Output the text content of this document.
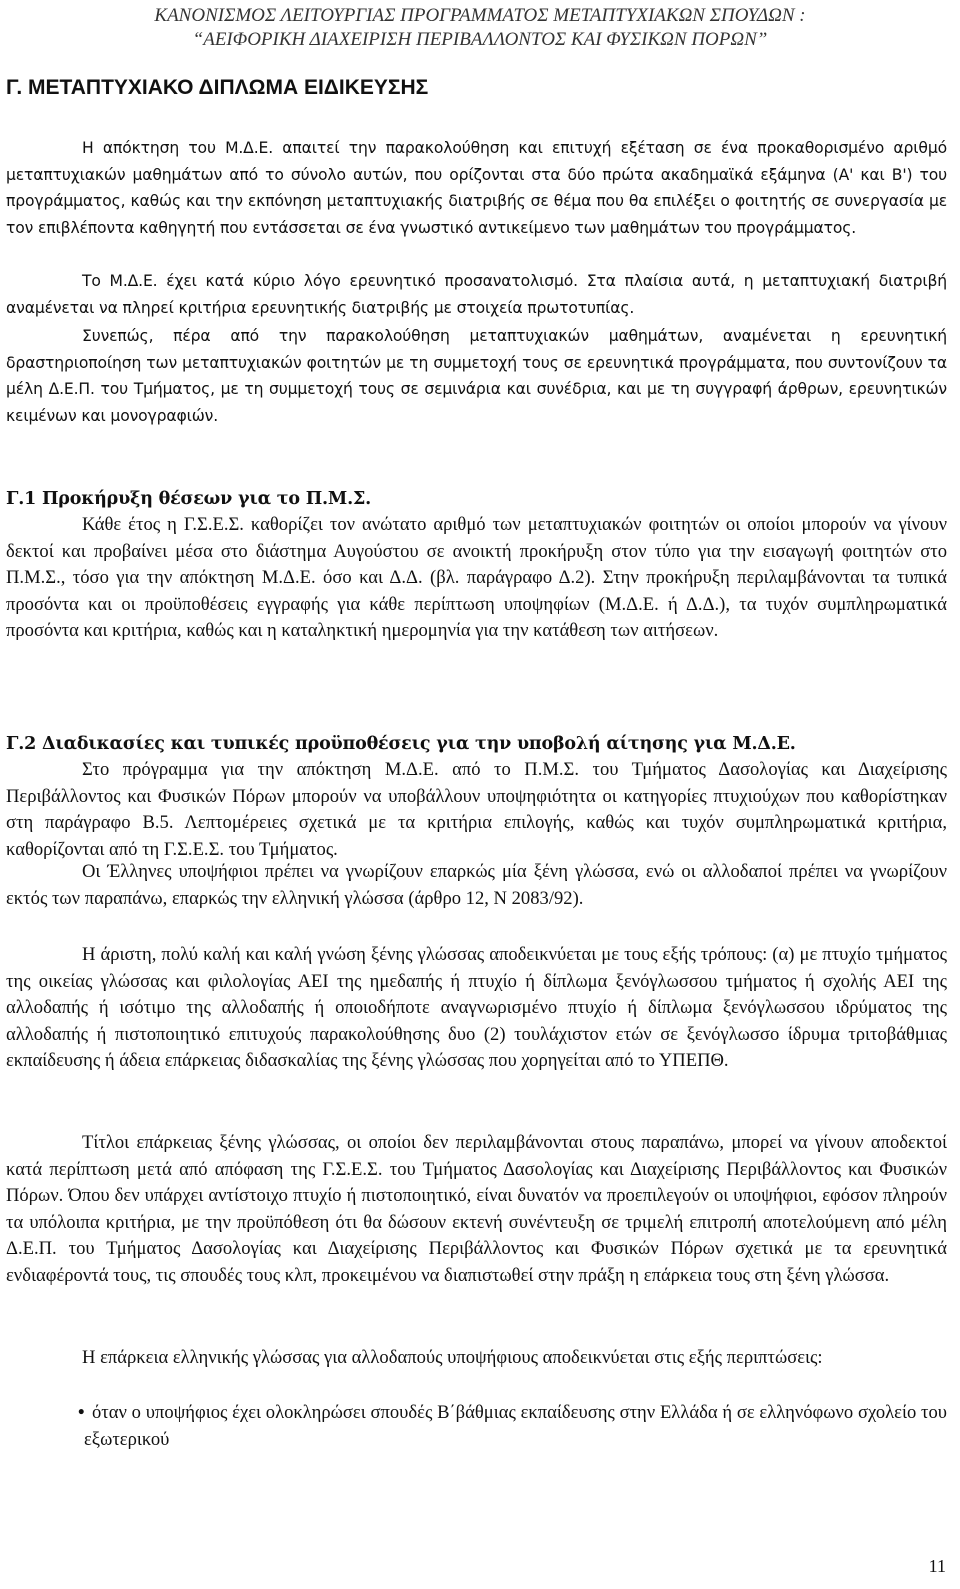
ΚΑΝΟΝΙΣΜΟΣ ΛΕΙΤΟΥΡΓΙΑΣ ΠΡΟΓΡΑΜΜΑΤΟΣ ΜΕΤΑΠΤΥΧΙΑΚΩΝ ΣΠΟΥΔΩΝ :
“ΑΕΙΦΟΡΙΚΗ ΔΙΑΧΕΙΡΙΣΗ ΠΕΡΙΒΑΛΛΟΝΤΟΣ ΚΑΙ ΦΥΣΙΚΩΝ ΠΟΡΩΝ”
Γ. ΜΕΤΑΠΤΥΧΙΑΚΟ ΔΙΠΛΩΜΑ ΕΙΔΙΚΕΥΣΗΣ

Η απόκτηση του Μ.Δ.Ε. απαιτεί την παρακολούθηση και επιτυχή εξέταση σε ένα προκαθορισμένο αριθμό μεταπτυχιακών μαθημάτων από το σύνολο αυτών, που ορίζονται στα δύο πρώτα ακαδημαϊκά εξάμηνα (Α' και Β') του προγράμματος, καθώς και την εκπόνηση μεταπτυχιακής διατριβής σε θέμα που θα επιλέξει ο φοιτητής σε συνεργασία με τον επιβλέποντα καθηγητή που εντάσσεται σε ένα γνωστικό αντικείμενο των μαθημάτων του προγράμματος.

Το Μ.Δ.Ε. έχει κατά κύριο λόγο ερευνητικό προσανατολισμό. Στα πλαίσια αυτά, η μεταπτυχιακή διατριβή αναμένεται να πληρεί κριτήρια ερευνητικής διατριβής με στοιχεία πρωτοτυπίας.

Συνεπώς, πέρα από την παρακολούθηση μεταπτυχιακών μαθημάτων, αναμένεται η ερευνητική δραστηριοποίηση των μεταπτυχιακών φοιτητών με τη συμμετοχή τους σε ερευνητικά προγράμματα, που συντονίζουν τα μέλη Δ.Ε.Π. του Τμήματος, με τη συμμετοχή τους σε σεμινάρια και συνέδρια, και με τη συγγραφή άρθρων, ερευνητικών κειμένων και μονογραφιών.

Γ.1 Προκήρυξη θέσεων για το Π.Μ.Σ.

Κάθε έτος η Γ.Σ.Ε.Σ. καθορίζει τον ανώτατο αριθμό των μεταπτυχιακών φοιτητών οι οποίοι μπορούν να γίνουν δεκτοί και προβαίνει μέσα στο διάστημα Αυγούστου σε ανοικτή προκήρυξη στον τύπο για την εισαγωγή φοιτητών στο Π.Μ.Σ., τόσο για την απόκτηση Μ.Δ.Ε. όσο και Δ.Δ. (βλ. παράγραφο Δ.2). Στην προκήρυξη περιλαμβάνονται τα τυπικά προσόντα και οι προϋποθέσεις εγγραφής για κάθε περίπτωση υποψηφίων (Μ.Δ.Ε. ή Δ.Δ.), τα τυχόν συμπληρωματικά προσόντα και κριτήρια, καθώς και η καταληκτική ημερομηνία για την κατάθεση των αιτήσεων.

Γ.2 Διαδικασίες και τυπικές προϋποθέσεις για την υποβολή αίτησης για Μ.Δ.Ε.

Στο πρόγραμμα για την απόκτηση Μ.Δ.Ε. από το Π.Μ.Σ. του Τμήματος Δασολογίας και Διαχείρισης Περιβάλλοντος και Φυσικών Πόρων μπορούν να υποβάλλουν υποψηφιότητα οι κατηγορίες πτυχιούχων που καθορίστηκαν στη παράγραφο Β.5. Λεπτομέρειες σχετικά με τα κριτήρια επιλογής, καθώς και τυχόν συμπληρωματικά κριτήρια, καθορίζονται από τη Γ.Σ.Ε.Σ. του Τμήματος.

Οι Έλληνες υποψήφιοι πρέπει να γνωρίζουν επαρκώς μία ξένη γλώσσα, ενώ οι αλλοδαποί πρέπει να γνωρίζουν εκτός των παραπάνω, επαρκώς την ελληνική γλώσσα (άρθρο 12, Ν 2083/92).

Η άριστη, πολύ καλή και καλή γνώση ξένης γλώσσας αποδεικνύεται με τους εξής τρόπους: (α) με πτυχίο τμήματος της οικείας γλώσσας και φιλολογίας ΑΕΙ της ημεδαπής ή πτυχίο ή δίπλωμα ξενόγλωσσου τμήματος ή σχολής ΑΕΙ της αλλοδαπής ή ισότιμο της αλλοδαπής ή οποιοδήποτε αναγνωρισμένο πτυχίο ή δίπλωμα ξενόγλωσσου ιδρύματος της αλλοδαπής ή πιστοποιητικό επιτυχούς παρακολούθησης δυο (2) τουλάχιστον ετών σε ξενόγλωσσο ίδρυμα τριτοβάθμιας εκπαίδευσης ή άδεια επάρκειας διδασκαλίας της ξένης γλώσσας που χορηγείται από το ΥΠΕΠΘ.

Τίτλοι επάρκειας ξένης γλώσσας, οι οποίοι δεν περιλαμβάνονται στους παραπάνω, μπορεί να γίνουν αποδεκτοί κατά περίπτωση μετά από απόφαση της Γ.Σ.Ε.Σ. του Τμήματος Δασολογίας και Διαχείρισης Περιβάλλοντος και Φυσικών Πόρων. Όπου δεν υπάρχει αντίστοιχο πτυχίο ή πιστοποιητικό, είναι δυνατόν να προεπιλεγούν οι υποψήφιοι, εφόσον πληρούν τα υπόλοιπα κριτήρια, με την προϋπόθεση ότι θα δώσουν εκτενή συνέντευξη σε τριμελή επιτροπή αποτελούμενη από μέλη Δ.Ε.Π. του Τμήματος Δασολογίας και Διαχείρισης Περιβάλλοντος και Φυσικών Πόρων σχετικά με τα ερευνητικά ενδιαφέροντά τους, τις σπουδές τους κλπ, προκειμένου να διαπιστωθεί στην πράξη η επάρκεια τους στη ξένη γλώσσα.

Η επάρκεια ελληνικής γλώσσας για αλλοδαπούς υποψήφιους αποδεικνύεται στις εξής περιπτώσεις:

• όταν ο υποψήφιος έχει ολοκληρώσει σπουδές Β΄βάθμιας εκπαίδευσης στην Ελλάδα ή σε ελληνόφωνο σχολείο του εξωτερικού

11
